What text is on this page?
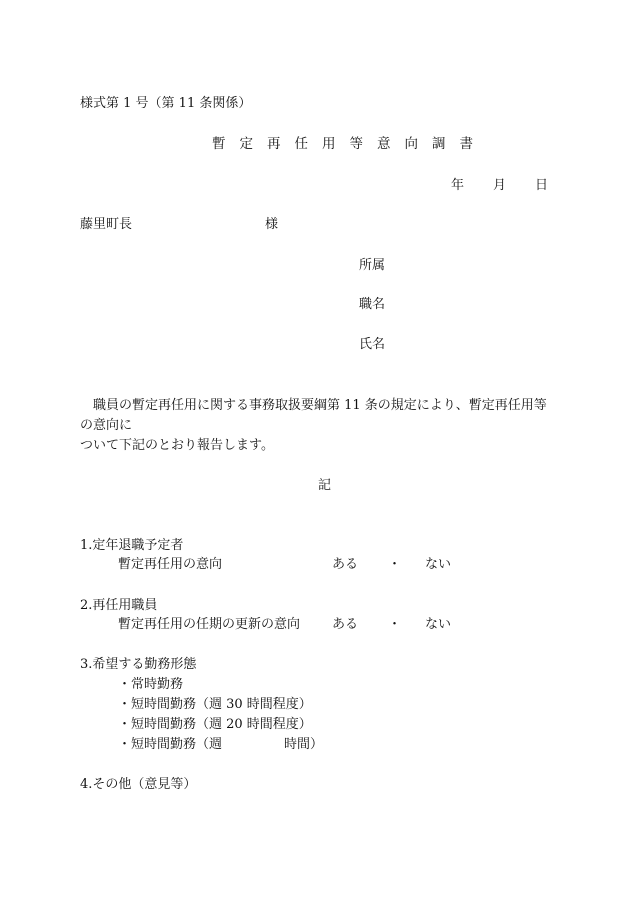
様式第 1 号（第 11 条関係）
暫定再任用等意向調書
年 月 日
藤里町長	様
所属
職名
氏名
職員の暫定再任用に関する事務取扱要綱第 11 条の規定により、暫定再任用等
の意向に
ついて下記のとおり報告します。
記
1.定年退職予定者
暫定再任用の意向	ある ・ ない
2.再任用職員
暫定再任用の任期の更新の意向 ある ・ ない
3.希望する勤務形態
・常時勤務
・短時間勤務（週 30 時間程度）
・短時間勤務（週 20 時間程度）
・短時間勤務（週	時間）
4.その他（意見等）
